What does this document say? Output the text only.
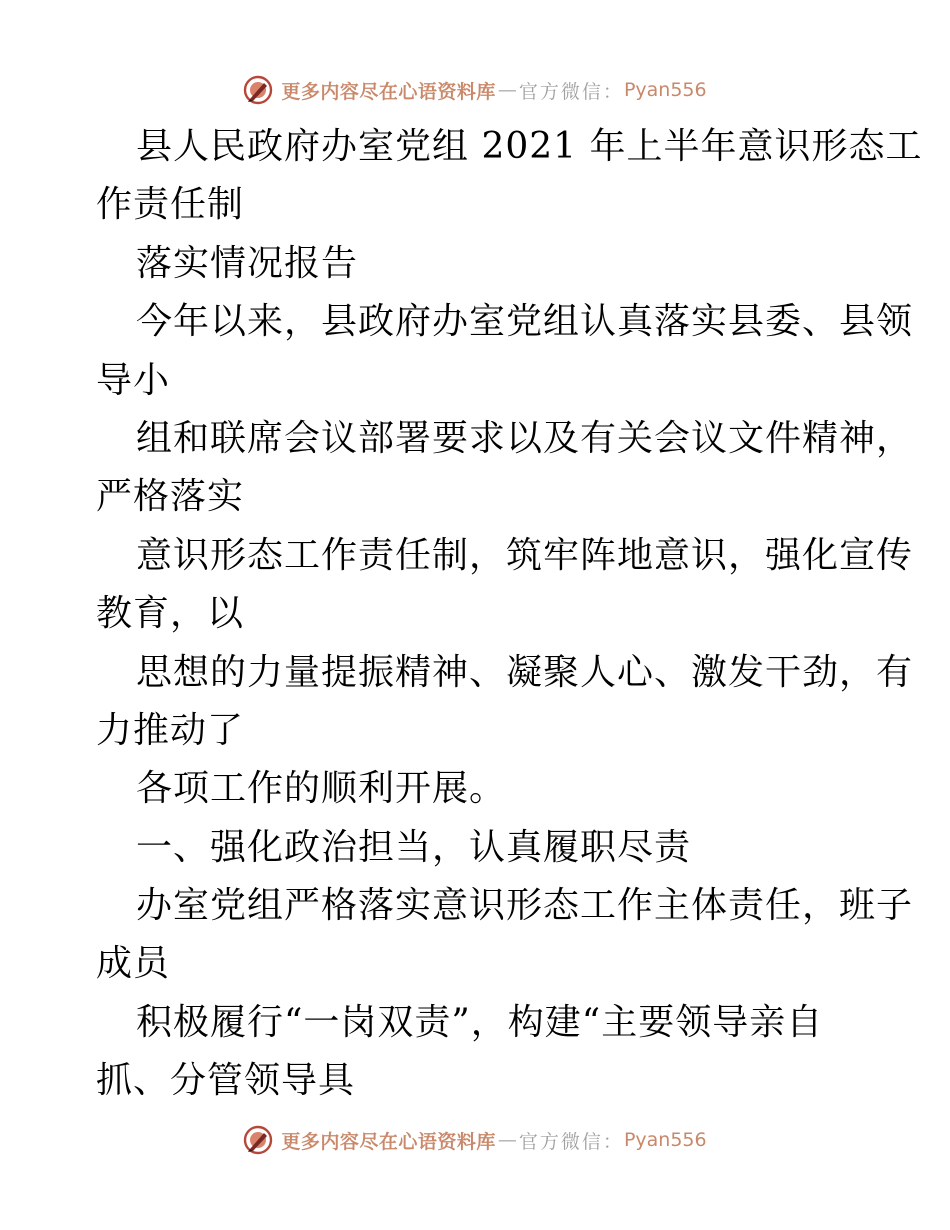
更多内容尽在心语资料库 — 官方微信： Pyan556
县人民政府办室党组 2021 年上半年意识形态工
作责任制
落实情况报告
今年以来，县政府办室党组认真落实县委、县领
导小
组和联席会议部署要求以及有关会议文件精神，
严格落实
意识形态工作责任制，筑牢阵地意识，强化宣传
教育，以
思想的力量提振精神、凝聚人心、激发干劲，有
力推动了
各项工作的顺利开展。
一、强化政治担当，认真履职尽责
办室党组严格落实意识形态工作主体责任，班子
成员
积极履行“一岗双责”，构建“主要领导亲自
抓、分管领导具
更多内容尽在心语资料库 — 官方微信： Pyan556
